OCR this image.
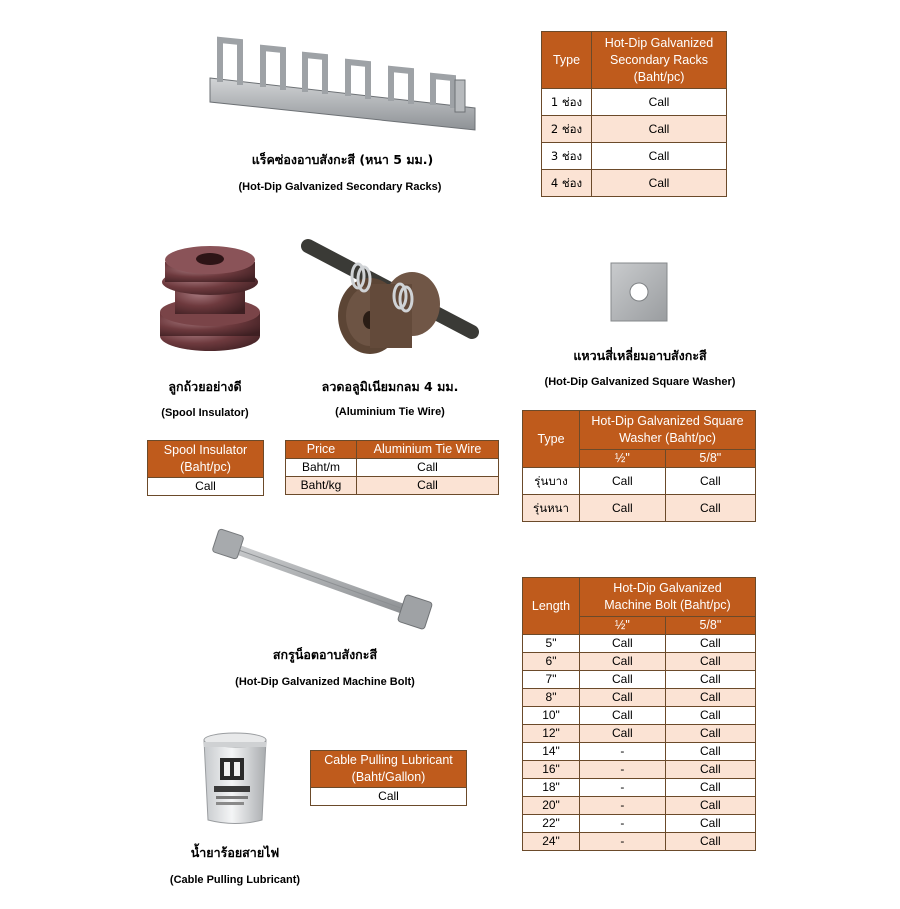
แร็คซ่องอาบสังกะสี (หนา 5 มม.)
(Hot-Dip Galvanized Secondary Racks)
Type	Hot-Dip Galvanized Secondary Racks (Baht/pc)
1 ช่อง	Call
2 ช่อง	Call
3 ช่อง	Call
4 ช่อง	Call
ลูกถ้วยอย่างดี
(Spool Insulator)
Spool Insulator (Baht/pc)
Call
ลวดอลูมิเนียมกลม 4 มม.
(Aluminium Tie Wire)
Price	Aluminium Tie Wire
Baht/m	Call
Baht/kg	Call
แหวนสี่เหลี่ยมอาบสังกะสี
(Hot-Dip Galvanized Square Washer)
Type	Hot-Dip Galvanized Square Washer (Baht/pc)	
	½"	5/8"
รุ่นบาง	Call	Call
รุ่นหนา	Call	Call
สกรูน็อตอาบสังกะสี
(Hot-Dip Galvanized Machine Bolt)
Length	Hot-Dip Galvanized Machine Bolt (Baht/pc)	
	½"	5/8"
5"	Call	Call
6"	Call	Call
7"	Call	Call
8"	Call	Call
10"	Call	Call
12"	Call	Call
14"	-	Call
16"	-	Call
18"	-	Call
20"	-	Call
22"	-	Call
24"	-	Call
น้ำยาร้อยสายไฟ
(Cable Pulling Lubricant)
Cable Pulling Lubricant (Baht/Gallon)
Call
